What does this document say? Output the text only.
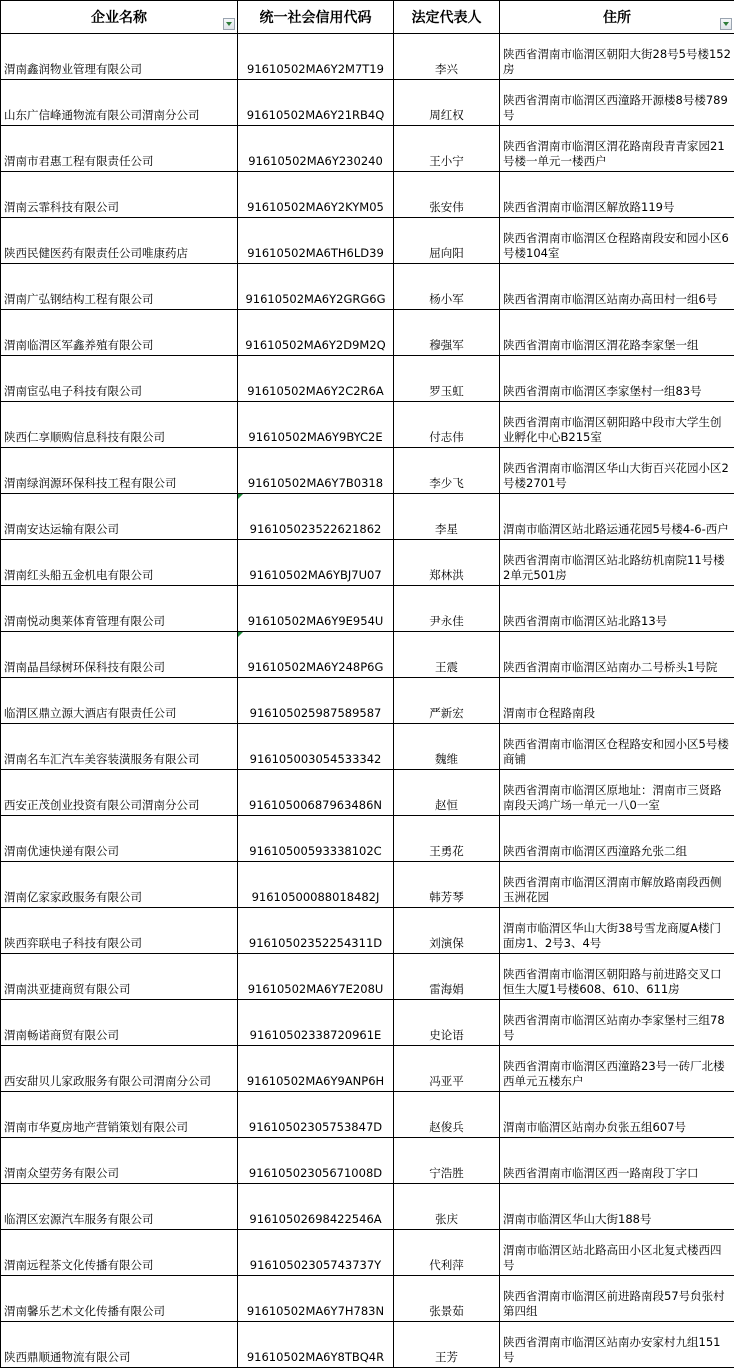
企业名称	统一社会信用代码	法定代表人	住所

渭南鑫润物业管理有限公司	91610502MA6Y2M7T19	李兴	陕西省渭南市临渭区朝阳大街28号5号楼152房
山东广信峰通物流有限公司渭南分公司	91610502MA6Y21RB4Q	周红权	陕西省渭南市临渭区西潼路开源楼8号楼789号
渭南市君惠工程有限责任公司	91610502MA6Y230240	王小宁	陕西省渭南市临渭区渭花路南段青青家园21号楼一单元一楼西户
渭南云霏科技有限公司	91610502MA6Y2KYM05	张安伟	陕西省渭南市临渭区解放路119号
陕西民健医药有限责任公司唯康药店	91610502MA6TH6LD39	屈向阳	陕西省渭南市临渭区仓程路南段安和园小区6号楼104室
渭南广弘钢结构工程有限公司	91610502MA6Y2GRG6G	杨小军	陕西省渭南市临渭区站南办高田村一组6号
渭南临渭区军鑫养殖有限公司	91610502MA6Y2D9M2Q	穆强军	陕西省渭南市临渭区渭花路李家堡一组
渭南宦弘电子科技有限公司	91610502MA6Y2C2R6A	罗玉虹	陕西省渭南市临渭区李家堡村一组83号
陕西仁享顺购信息科技有限公司	91610502MA6Y9BYC2E	付志伟	陕西省渭南市临渭区朝阳路中段市大学生创业孵化中心B215室
渭南绿润源环保科技工程有限公司	91610502MA6Y7B0318	李少飞	陕西省渭南市临渭区华山大街百兴花园小区2号楼2701号
渭南安达运输有限公司	916105023522621862	李星	渭南市临渭区站北路运通花园5号楼4-6-西户
渭南红头船五金机电有限公司	91610502MA6YBJ7U07	郑林洪	陕西省渭南市临渭区站北路纺机南院11号楼2单元501房
渭南悦动奥莱体育管理有限公司	91610502MA6Y9E954U	尹永佳	陕西省渭南市临渭区站北路13号
渭南晶昌绿树环保科技有限公司	91610502MA6Y248P6G	王震	陕西省渭南市临渭区站南办二号桥头1号院
临渭区鼎立源大酒店有限责任公司	916105025987589587	严新宏	渭南市仓程路南段
渭南名车汇汽车美容装潢服务有限公司	916105003054533342	魏维	陕西省渭南市临渭区仓程路安和园小区5号楼商铺
西安正茂创业投资有限公司渭南分公司	91610500687963486N	赵恒	陕西省渭南市临渭区原地址：渭南市三贤路南段天鸿广场一单元一八0一室
渭南优速快递有限公司	91610500593338102C	王勇花	陕西省渭南市临渭区西潼路允张二组
渭南亿家家政服务有限公司	91610500088018482J	韩芳琴	陕西省渭南市临渭区渭南市解放路南段西侧玉洲花园
陕西弈联电子科技有限公司	91610502352254311D	刘演保	渭南市临渭区华山大街38号雪龙商厦A楼门面房1、2号3、4号
渭南洪亚捷商贸有限公司	91610502MA6Y7E208U	雷海娟	陕西省渭南市临渭区朝阳路与前进路交叉口恒生大厦1号楼608、610、611房
渭南畅诺商贸有限公司	91610502338720961E	史论语	陕西省渭南市临渭区站南办李家堡村三组78号
西安甜贝儿家政服务有限公司渭南分公司	91610502MA6Y9ANP6H	冯亚平	陕西省渭南市临渭区西潼路23号一砖厂北楼西单元五楼东户
渭南市华夏房地产营销策划有限公司	91610502305753847D	赵俊兵	渭南市临渭区站南办贠张五组607号
渭南众望劳务有限公司	91610502305671008D	宁浩胜	陕西省渭南市临渭区西一路南段丁字口
临渭区宏源汽车服务有限公司	91610502698422546A	张庆	渭南市临渭区华山大街188号
渭南远程茶文化传播有限公司	91610502305743737Y	代利萍	渭南市临渭区站北路高田小区北复式楼西四号
渭南馨乐艺术文化传播有限公司	91610502MA6Y7H783N	张景茹	陕西省渭南市临渭区前进路南段57号贠张村第四组
陕西鼎顺通物流有限公司	91610502MA6Y8TBQ4R	王芳	陕西省渭南市临渭区站南办安家村九组151号
